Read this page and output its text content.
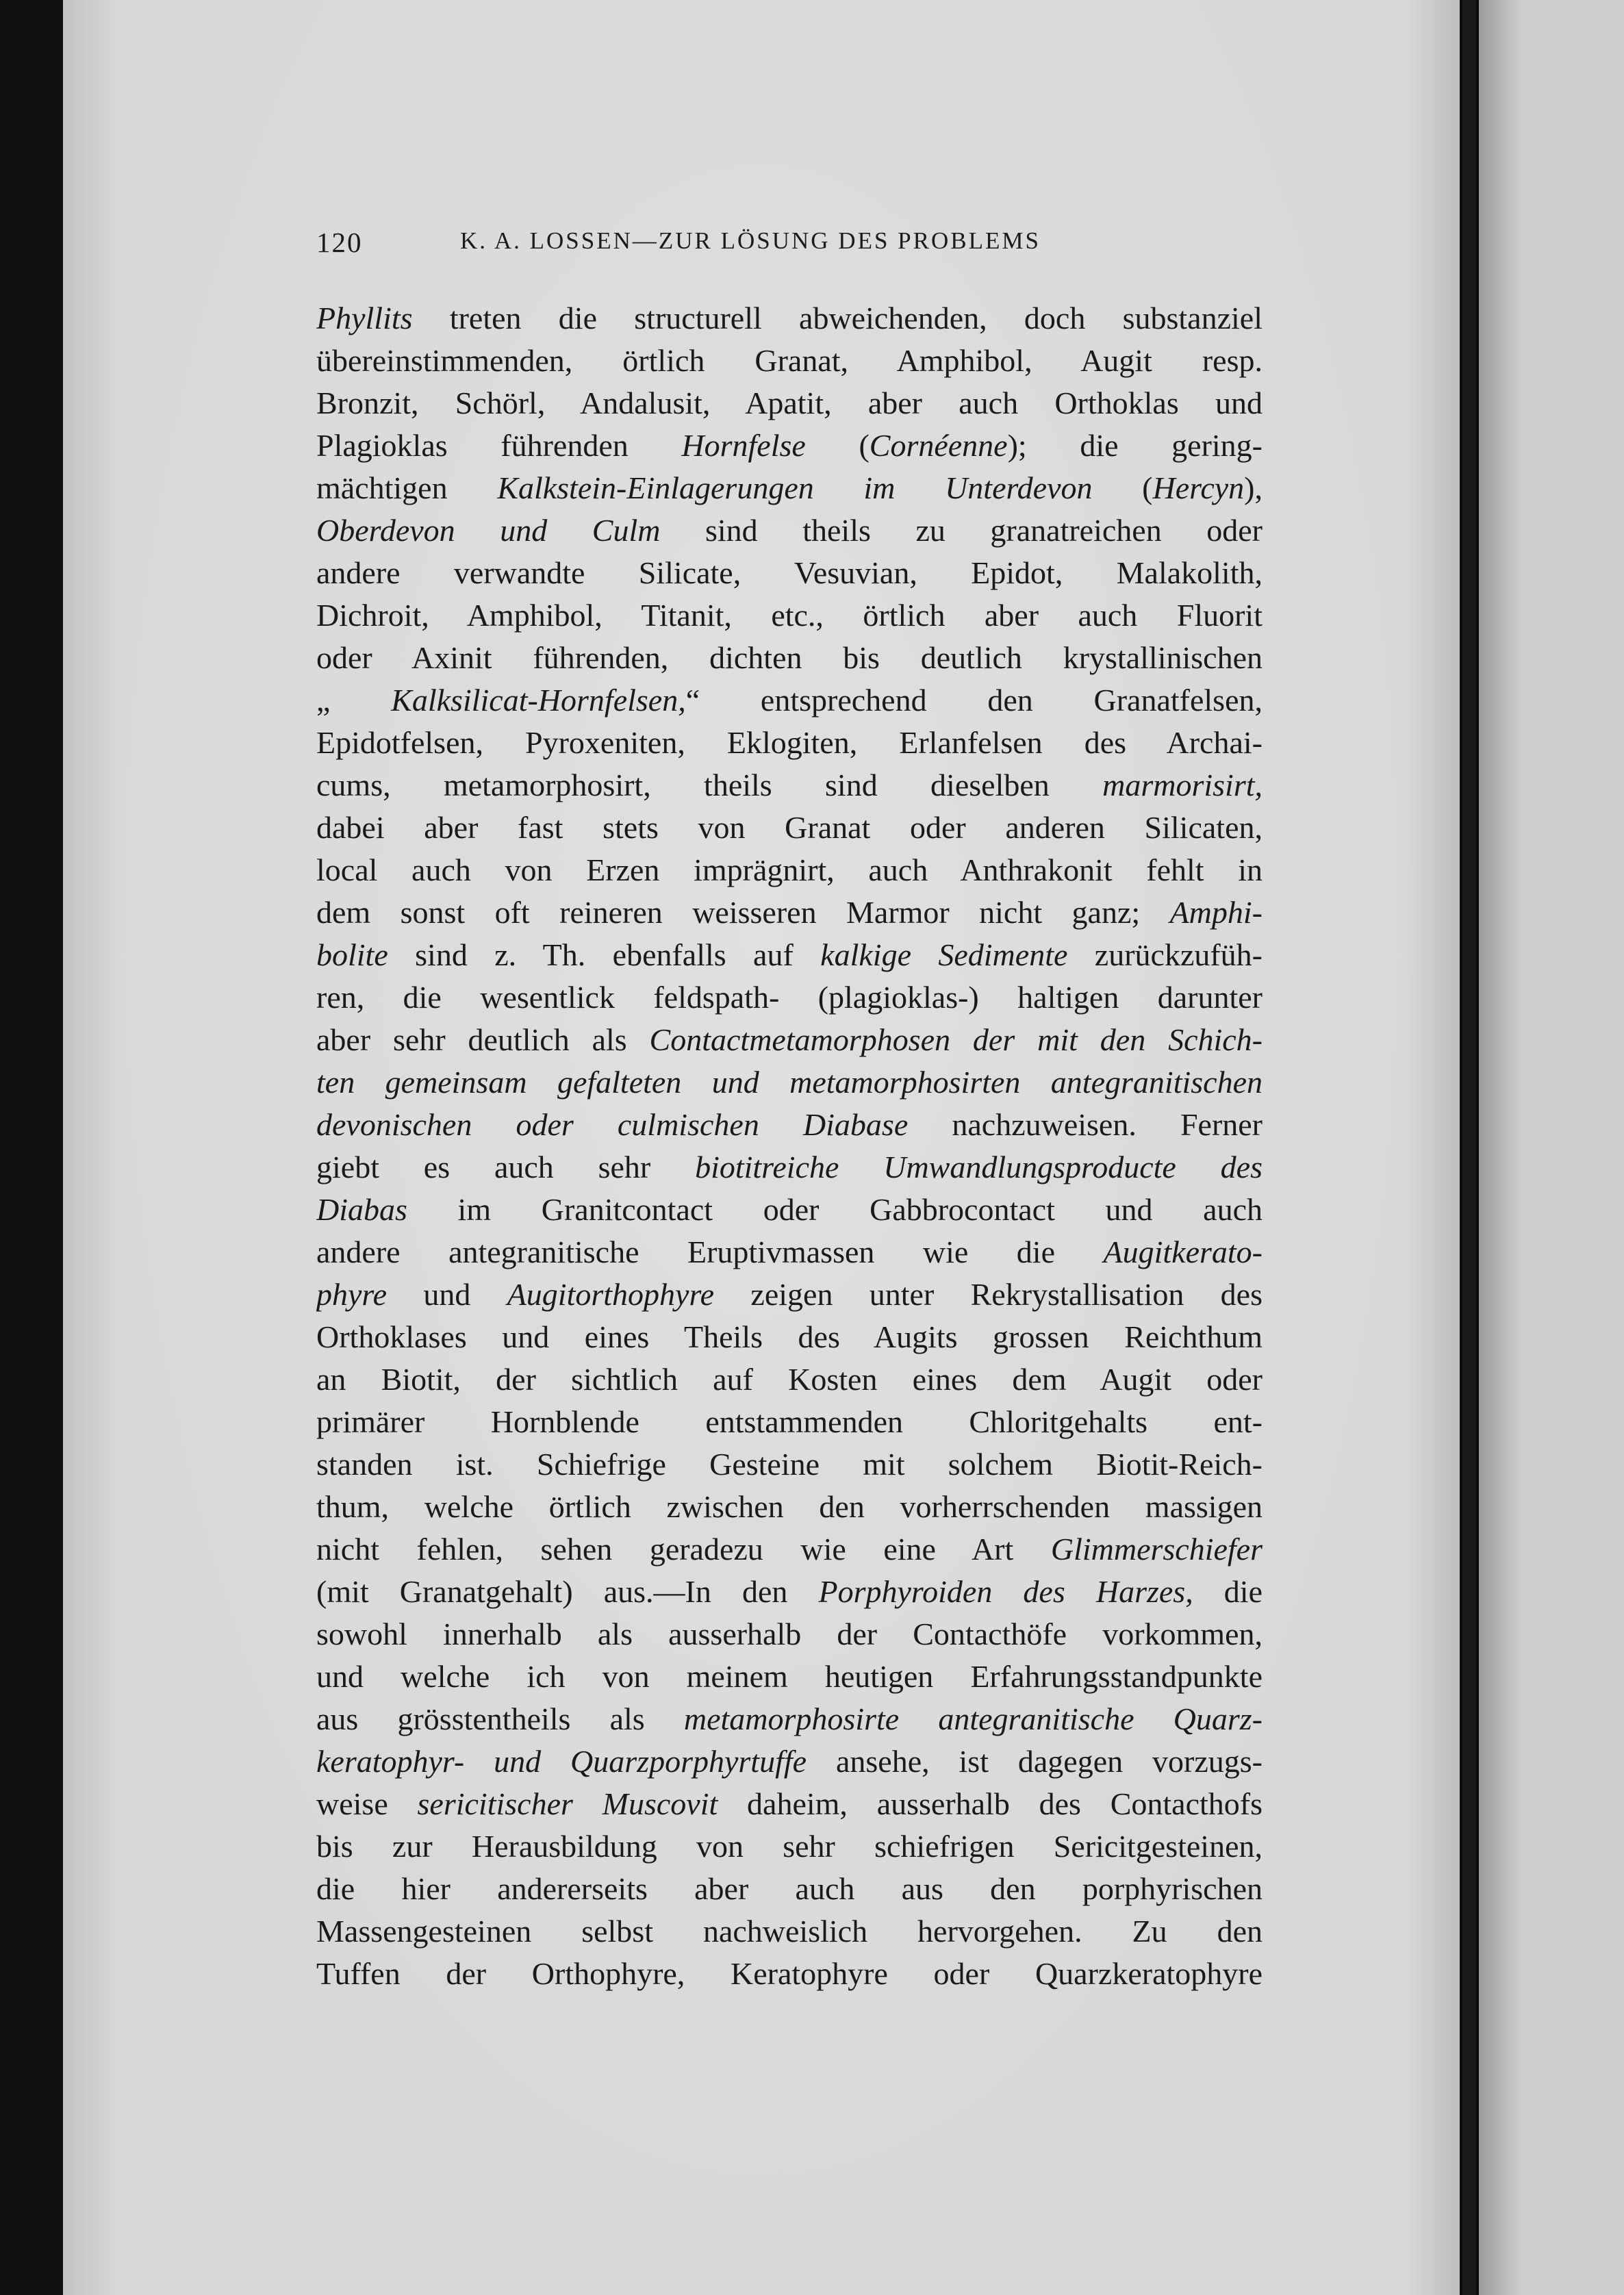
120	K. A. LOSSEN—ZUR LÖSUNG DES PROBLEMS
Phyllits treten die structurell abweichenden, doch substanziel
übereinstimmenden, örtlich Granat, Amphibol, Augit resp.
Bronzit, Schörl, Andalusit, Apatit, aber auch Orthoklas und
Plagioklas führenden Hornfelse (Cornéenne); die gering-
mächtigen Kalkstein-Einlagerungen im Unterdevon (Hercyn),
Oberdevon und Culm sind theils zu granatreichen oder
andere verwandte Silicate, Vesuvian, Epidot, Malakolith,
Dichroit, Amphibol, Titanit, etc., örtlich aber auch Fluorit
oder Axinit führenden, dichten bis deutlich krystallinischen
„ Kalksilicat-Hornfelsen,“ entsprechend den Granatfelsen,
Epidotfelsen, Pyroxeniten, Eklogiten, Erlanfelsen des Archai-
cums, metamorphosirt, theils sind dieselben marmorisirt,
dabei aber fast stets von Granat oder anderen Silicaten,
local auch von Erzen imprägnirt, auch Anthrakonit fehlt in
dem sonst oft reineren weisseren Marmor nicht ganz; Amphi-
bolite sind z. Th. ebenfalls auf kalkige Sedimente zurückzufüh-
ren, die wesentlick feldspath- (plagioklas-) haltigen darunter
aber sehr deutlich als Contactmetamorphosen der mit den Schich-
ten gemeinsam gefalteten und metamorphosirten antegranitischen
devonischen oder culmischen Diabase nachzuweisen. Ferner
giebt es auch sehr biotitreiche Umwandlungsproducte des
Diabas im Granitcontact oder Gabbrocontact und auch
andere antegranitische Eruptivmassen wie die Augitkerato-
phyre und Augitorthophyre zeigen unter Rekrystallisation des
Orthoklases und eines Theils des Augits grossen Reichthum
an Biotit, der sichtlich auf Kosten eines dem Augit oder
primärer Hornblende entstammenden Chloritgehalts ent-
standen ist. Schiefrige Gesteine mit solchem Biotit-Reich-
thum, welche örtlich zwischen den vorherrschenden massigen
nicht fehlen, sehen geradezu wie eine Art Glimmerschiefer
(mit Granatgehalt) aus.—In den Porphyroiden des Harzes, die
sowohl innerhalb als ausserhalb der Contacthöfe vorkommen,
und welche ich von meinem heutigen Erfahrungsstandpunkte
aus grösstentheils als metamorphosirte antegranitische Quarz-
keratophyr- und Quarzporphyrtuffe ansehe, ist dagegen vorzugs-
weise sericitischer Muscovit daheim, ausserhalb des Contacthofs
bis zur Herausbildung von sehr schiefrigen Sericitgesteinen,
die hier andererseits aber auch aus den porphyrischen
Massengesteinen selbst nachweislich hervorgehen. Zu den
Tuffen der Orthophyre, Keratophyre oder Quarzkeratophyre
